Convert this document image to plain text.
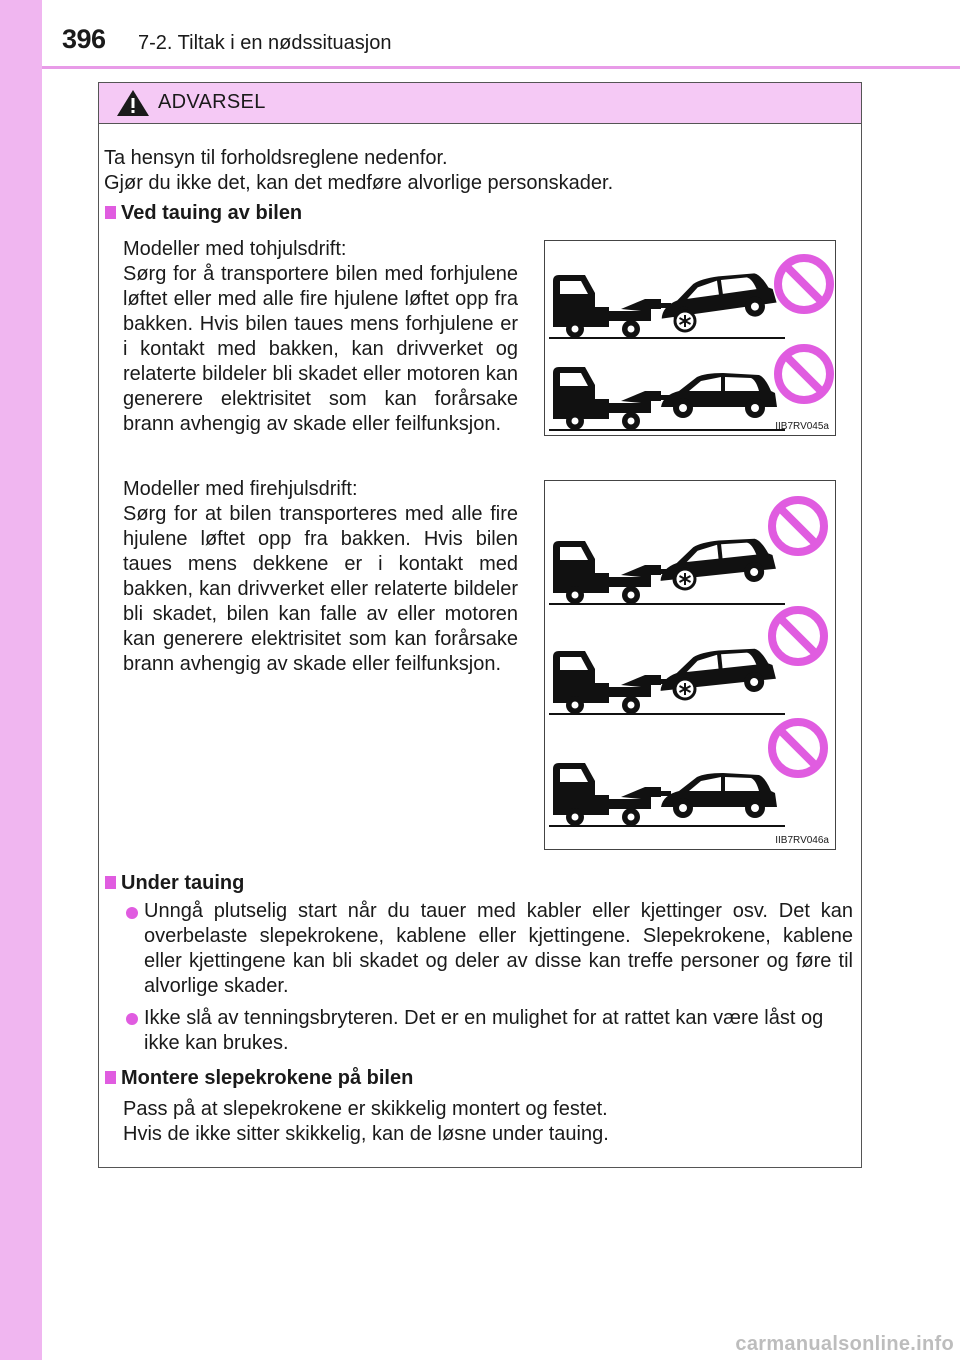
396 7-2. Tiltak i en nødssituasjon
ADVARSEL
Ta hensyn til forholdsreglene nedenfor.
Gjør du ikke det, kan det medføre alvorlige personskader.
Ved tauing av bilen
Modeller med tohjulsdrift:
Sørg for å transportere bilen med forhjulene løftet eller med alle fire hjulene løftet opp fra bakken. Hvis bilen taues mens forhjulene er i kontakt med bakken, kan drivverket og relaterte bildeler bli skadet eller motoren kan generere elektrisitet som kan forårsake brann avhengig av skade eller feilfunksjon.	IIB7RV045a
Modeller med firehjulsdrift:
Sørg for at bilen transporteres med alle fire hjulene løftet opp fra bakken. Hvis bilen taues mens dekkene er i kontakt med bakken, kan drivverket eller relaterte bildeler bli skadet, bilen kan falle av eller motoren kan generere elektrisitet som kan forårsake brann avhengig av skade eller feilfunksjon.
IIB7RV046a
Under tauing
Unngå plutselig start når du tauer med kabler eller kjettinger osv. Det kan overbelaste slepekrokene, kablene eller kjettingene. Slepekrokene, kablene eller kjettingene kan bli skadet og deler av disse kan treffe personer og føre til alvorlige skader.
Ikke slå av tenningsbryteren. Det er en mulighet for at rattet kan være låst og ikke kan brukes.
Montere slepekrokene på bilen
Pass på at slepekrokene er skikkelig montert og festet.
Hvis de ikke sitter skikkelig, kan de løsne under tauing.
carmanualsonline.info
